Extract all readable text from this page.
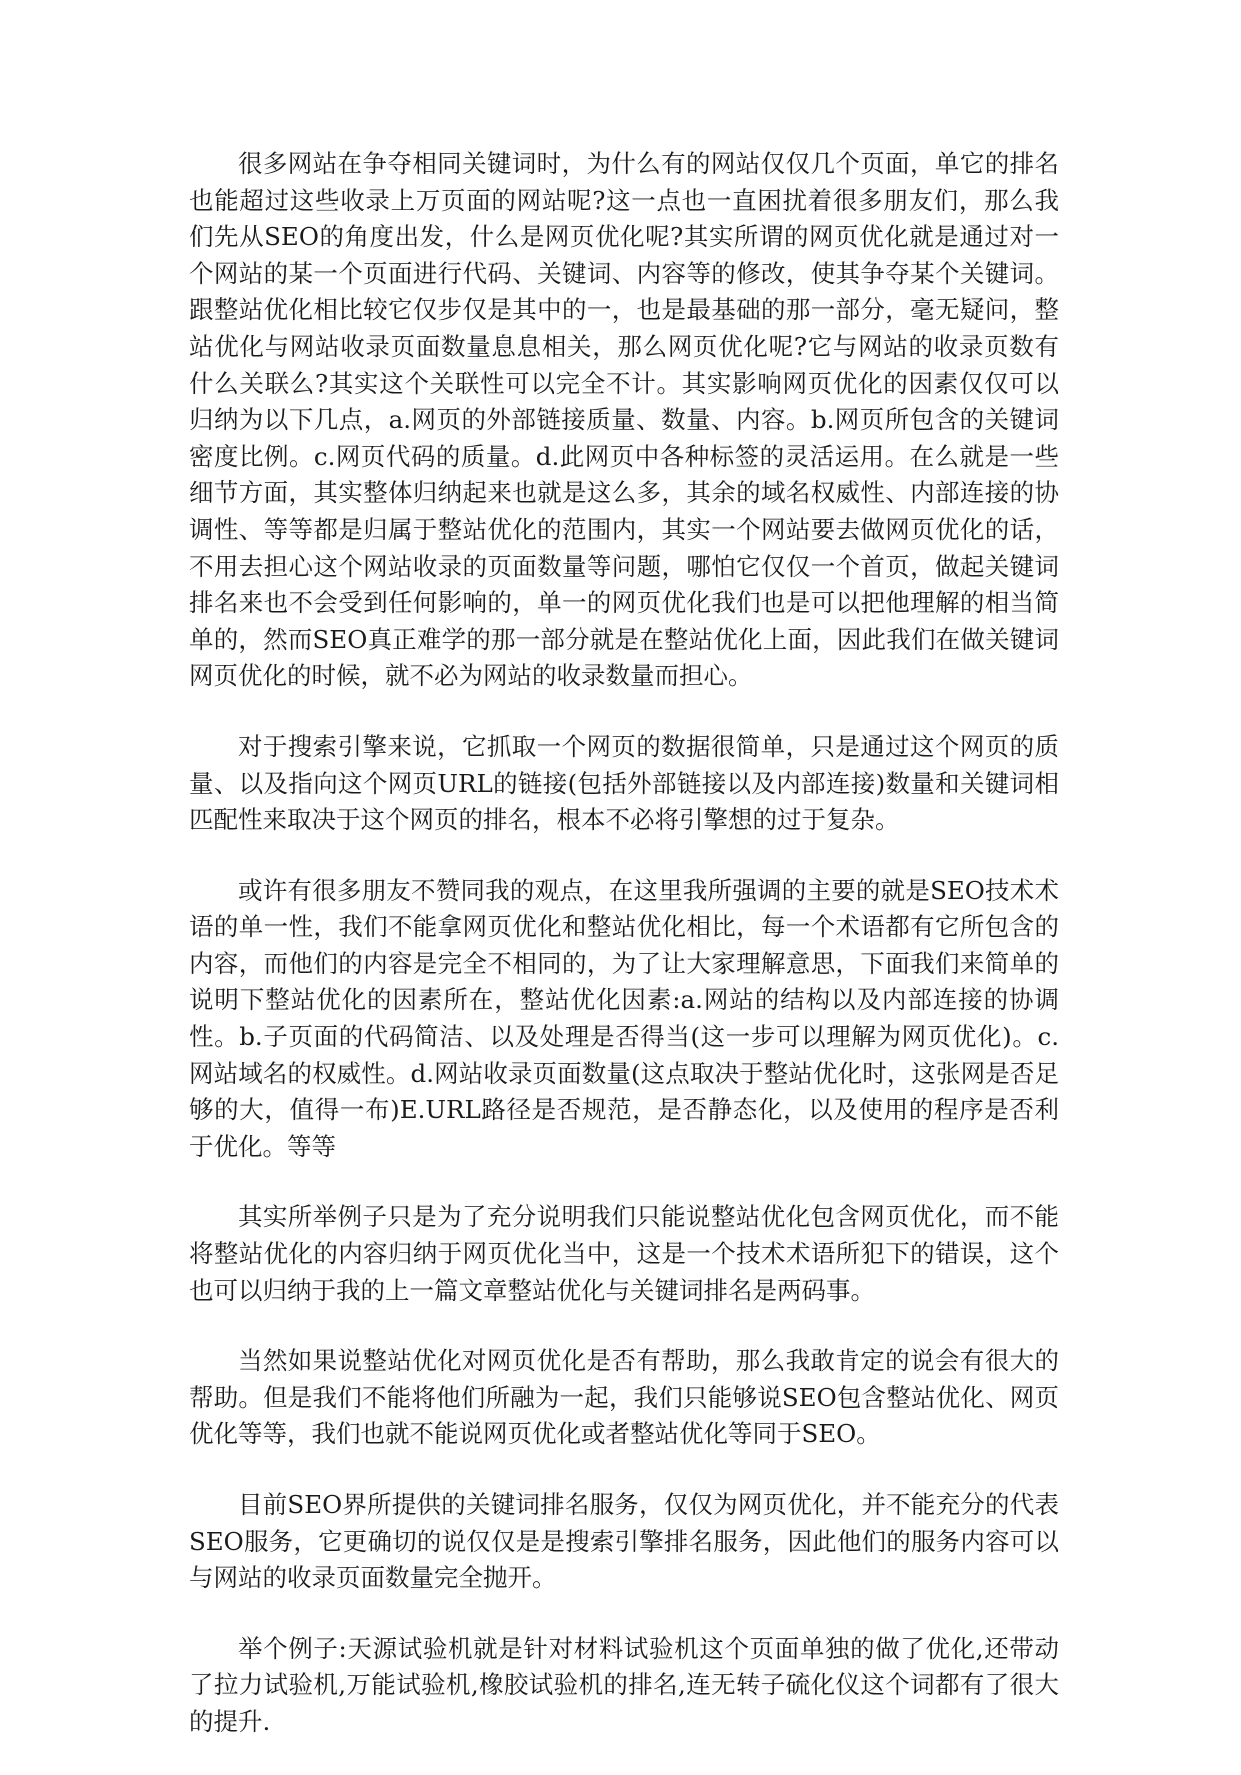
很多网站在争夺相同关键词时，为什么有的网站仅仅几个页面，单它的排名也能超过这些收录上万页面的网站呢?这一点也一直困扰着很多朋友们，那么我们先从SEO的角度出发，什么是网页优化呢?其实所谓的网页优化就是通过对一个网站的某一个页面进行代码、关键词、内容等的修改，使其争夺某个关键词。跟整站优化相比较它仅步仅是其中的一，也是最基础的那一部分，毫无疑问，整站优化与网站收录页面数量息息相关，那么网页优化呢?它与网站的收录页数有什么关联么?其实这个关联性可以完全不计。其实影响网页优化的因素仅仅可以归纳为以下几点，a.网页的外部链接质量、数量、内容。b.网页所包含的关键词密度比例。c.网页代码的质量。d.此网页中各种标签的灵活运用。在么就是一些细节方面，其实整体归纳起来也就是这么多，其余的域名权威性、内部连接的协调性、等等都是归属于整站优化的范围内，其实一个网站要去做网页优化的话，不用去担心这个网站收录的页面数量等问题，哪怕它仅仅一个首页，做起关键词排名来也不会受到任何影响的，单一的网页优化我们也是可以把他理解的相当简单的，然而SEO真正难学的那一部分就是在整站优化上面，因此我们在做关键词网页优化的时候，就不必为网站的收录数量而担心。

对于搜索引擎来说，它抓取一个网页的数据很简单，只是通过这个网页的质量、以及指向这个网页URL的链接(包括外部链接以及内部连接)数量和关键词相匹配性来取决于这个网页的排名，根本不必将引擎想的过于复杂。

或许有很多朋友不赞同我的观点，在这里我所强调的主要的就是SEO技术术语的单一性，我们不能拿网页优化和整站优化相比，每一个术语都有它所包含的内容，而他们的内容是完全不相同的，为了让大家理解意思，下面我们来简单的说明下整站优化的因素所在，整站优化因素:a.网站的结构以及内部连接的协调性。b.子页面的代码简洁、以及处理是否得当(这一步可以理解为网页优化)。c.网站域名的权威性。d.网站收录页面数量(这点取决于整站优化时，这张网是否足够的大，值得一布)E.URL路径是否规范，是否静态化，以及使用的程序是否利于优化。等等

其实所举例子只是为了充分说明我们只能说整站优化包含网页优化，而不能将整站优化的内容归纳于网页优化当中，这是一个技术术语所犯下的错误，这个也可以归纳于我的上一篇文章整站优化与关键词排名是两码事。

当然如果说整站优化对网页优化是否有帮助，那么我敢肯定的说会有很大的帮助。但是我们不能将他们所融为一起，我们只能够说SEO包含整站优化、网页优化等等，我们也就不能说网页优化或者整站优化等同于SEO。

目前SEO界所提供的关键词排名服务，仅仅为网页优化，并不能充分的代表SEO服务，它更确切的说仅仅是是搜索引擎排名服务，因此他们的服务内容可以与网站的收录页面数量完全抛开。

举个例子:天源试验机就是针对材料试验机这个页面单独的做了优化,还带动了拉力试验机,万能试验机,橡胶试验机的排名,连无转子硫化仪这个词都有了很大的提升.
